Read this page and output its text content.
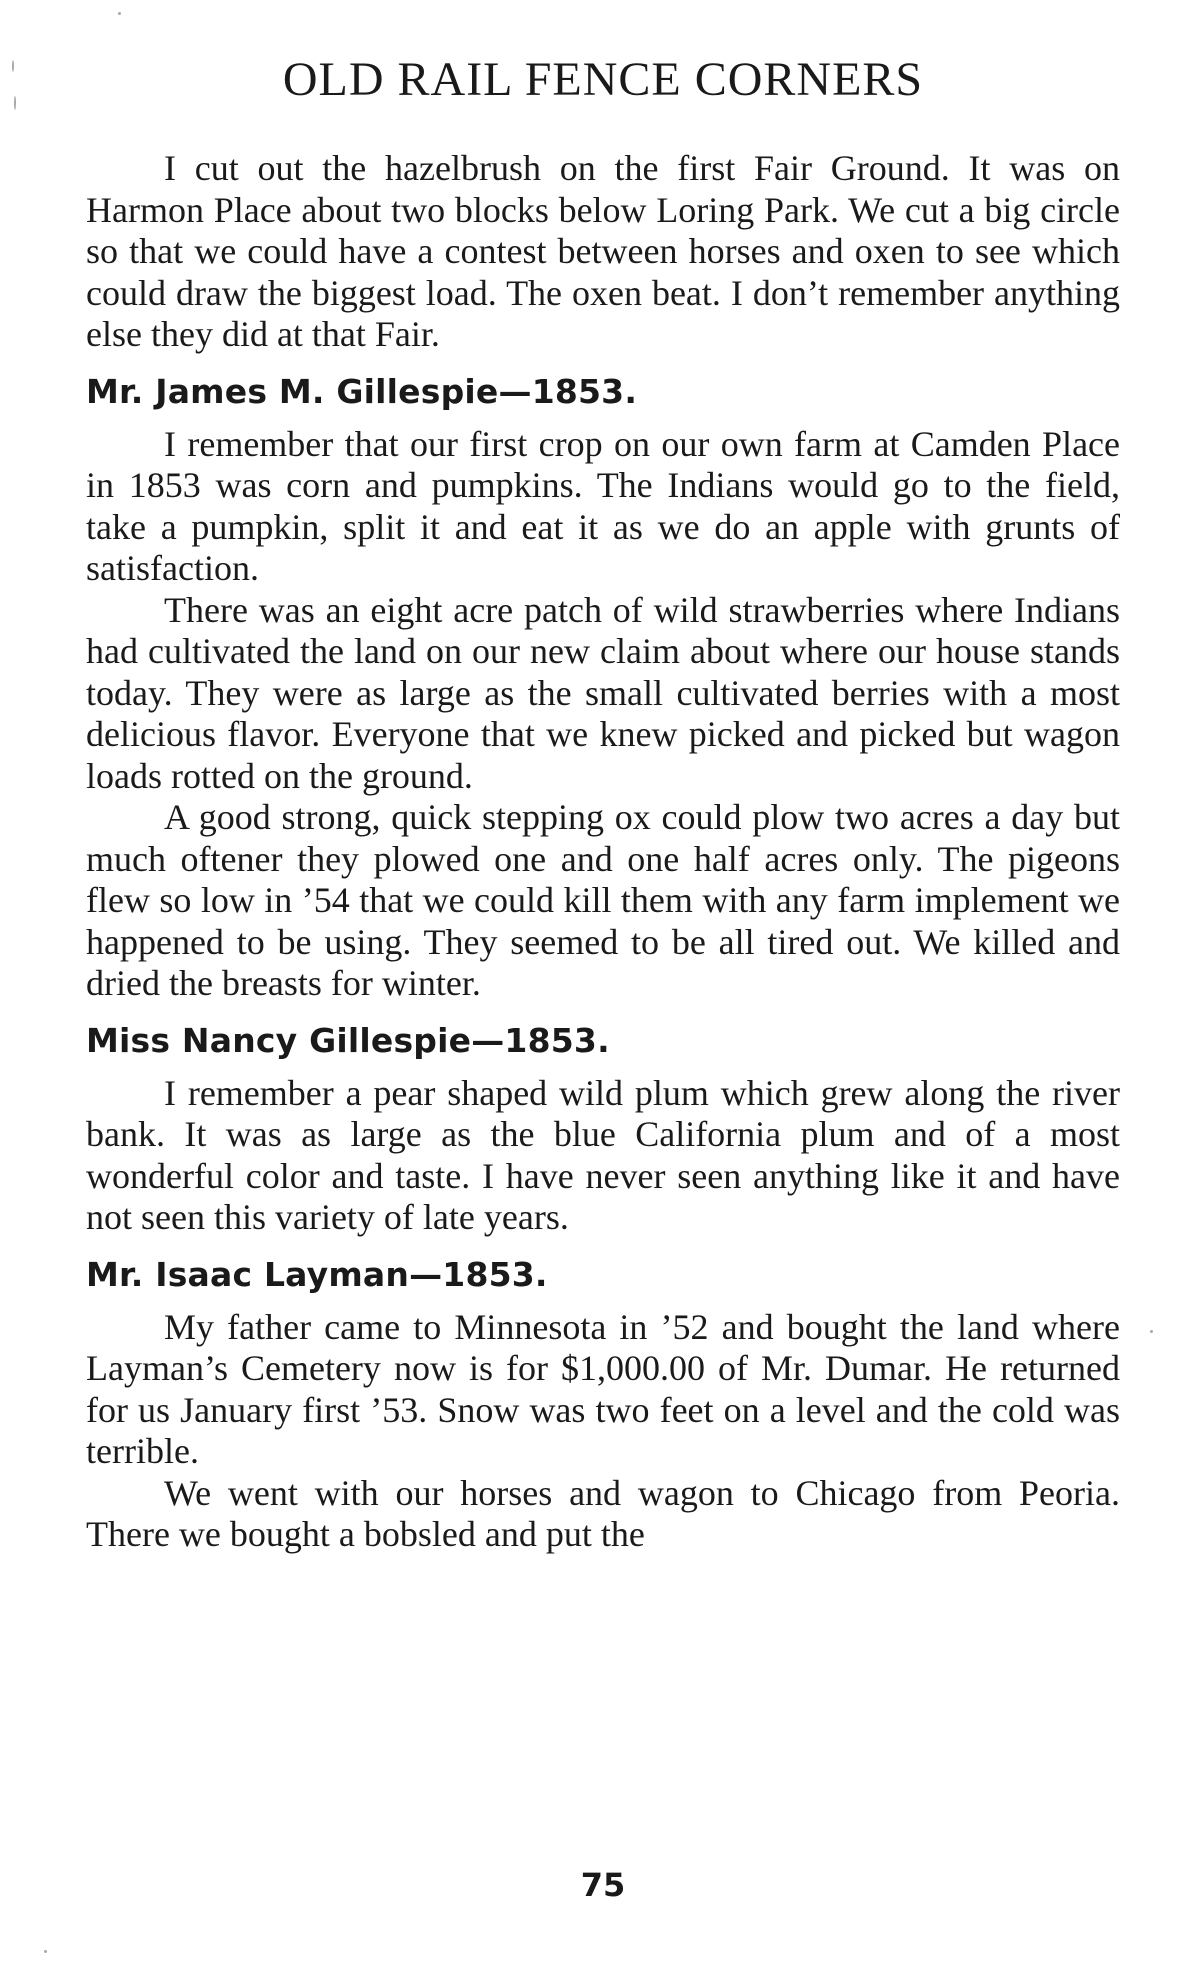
OLD RAIL FENCE CORNERS

I cut out the hazelbrush on the first Fair Ground. It was on Harmon Place about two blocks below Loring Park. We cut a big circle so that we could have a contest between horses and oxen to see which could draw the biggest load. The oxen beat. I don’t remember anything else they did at that Fair.

Mr. James M. Gillespie—1853.

I remember that our first crop on our own farm at Camden Place in 1853 was corn and pumpkins. The Indians would go to the field, take a pumpkin, split it and eat it as we do an apple with grunts of satisfaction.

There was an eight acre patch of wild strawberries where Indians had cultivated the land on our new claim about where our house stands today. They were as large as the small cultivated berries with a most delicious flavor. Everyone that we knew picked and picked but wagon loads rotted on the ground.

A good strong, quick stepping ox could plow two acres a day but much oftener they plowed one and one half acres only. The pigeons flew so low in ’54 that we could kill them with any farm implement we happened to be using. They seemed to be all tired out. We killed and dried the breasts for winter.

Miss Nancy Gillespie—1853.

I remember a pear shaped wild plum which grew along the river bank. It was as large as the blue California plum and of a most wonderful color and taste. I have never seen anything like it and have not seen this variety of late years.

Mr. Isaac Layman—1853.

My father came to Minnesota in ’52 and bought the land where Layman’s Cemetery now is for $1,000.00 of Mr. Dumar. He returned for us January first ’53. Snow was two feet on a level and the cold was terrible.

We went with our horses and wagon to Chicago from Peoria. There we bought a bobsled and put the

75
